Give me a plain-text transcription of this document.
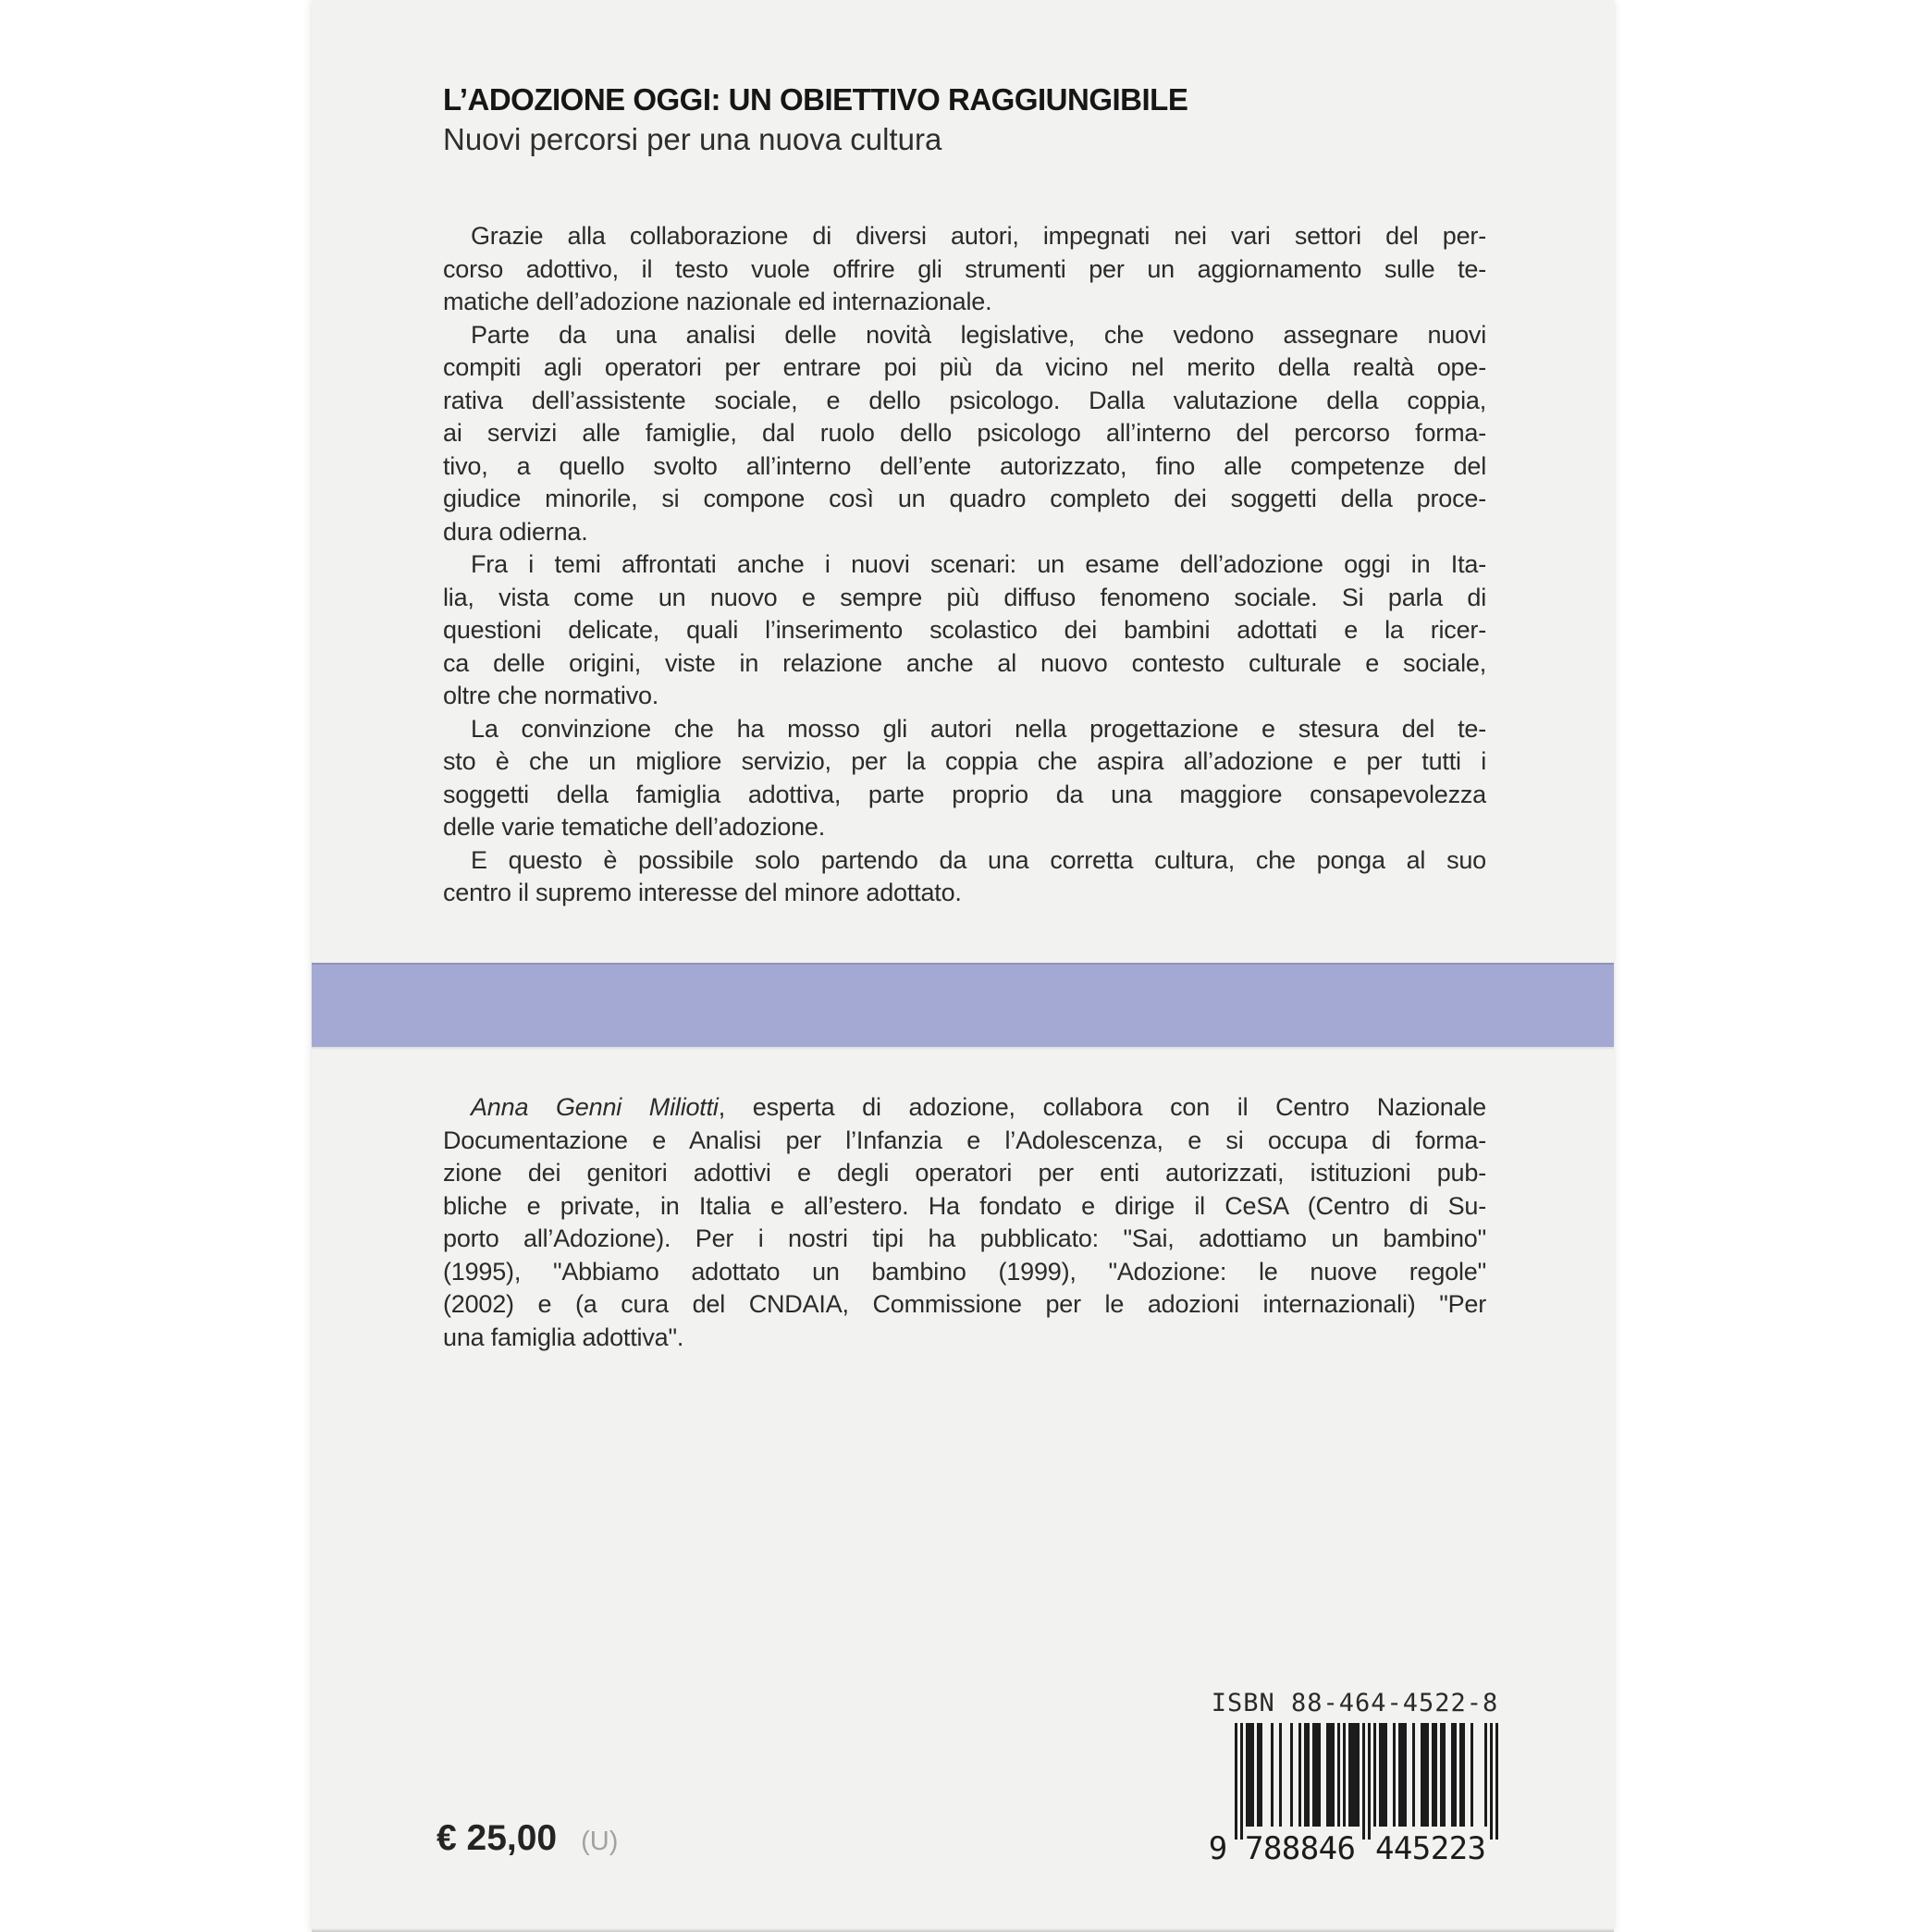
L’ADOZIONE OGGI: UN OBIETTIVO RAGGIUNGIBILE
Nuovi percorsi per una nuova cultura
Grazie alla collaborazione di diversi autori, impegnati nei vari settori del per-
corso adottivo, il testo vuole offrire gli strumenti per un aggiornamento sulle te-
matiche dell’adozione nazionale ed internazionale.
Parte da una analisi delle novità legislative, che vedono assegnare nuovi
compiti agli operatori per entrare poi più da vicino nel merito della realtà ope-
rativa dell’assistente sociale, e dello psicologo. Dalla valutazione della coppia,
ai servizi alle famiglie, dal ruolo dello psicologo all’interno del percorso forma-
tivo, a quello svolto all’interno dell’ente autorizzato, fino alle competenze del
giudice minorile, si compone così un quadro completo dei soggetti della proce-
dura odierna.
Fra i temi affrontati anche i nuovi scenari: un esame dell’adozione oggi in Ita-
lia, vista come un nuovo e sempre più diffuso fenomeno sociale. Si parla di
questioni delicate, quali l’inserimento scolastico dei bambini adottati e la ricer-
ca delle origini, viste in relazione anche al nuovo contesto culturale e sociale,
oltre che normativo.
La convinzione che ha mosso gli autori nella progettazione e stesura del te-
sto è che un migliore servizio, per la coppia che aspira all’adozione e per tutti i
soggetti della famiglia adottiva, parte proprio da una maggiore consapevolezza
delle varie tematiche dell’adozione.
E questo è possibile solo partendo da una corretta cultura, che ponga al suo
centro il supremo interesse del minore adottato.
Anna Genni Miliotti, esperta di adozione, collabora con il Centro Nazionale
Documentazione e Analisi per l’Infanzia e l’Adolescenza, e si occupa di forma-
zione dei genitori adottivi e degli operatori per enti autorizzati, istituzioni pub-
bliche e private, in Italia e all’estero. Ha fondato e dirige il CeSA (Centro di Su-
porto all’Adozione). Per i nostri tipi ha pubblicato: "Sai, adottiamo un bambino"
(1995), "Abbiamo adottato un bambino (1999), "Adozione: le nuove regole"
(2002) e (a cura del CNDAIA, Commissione per le adozioni internazionali) "Per
una famiglia adottiva".
ISBN 88-464-4522-8
9 788846 445223
€ 25,00 (U)
